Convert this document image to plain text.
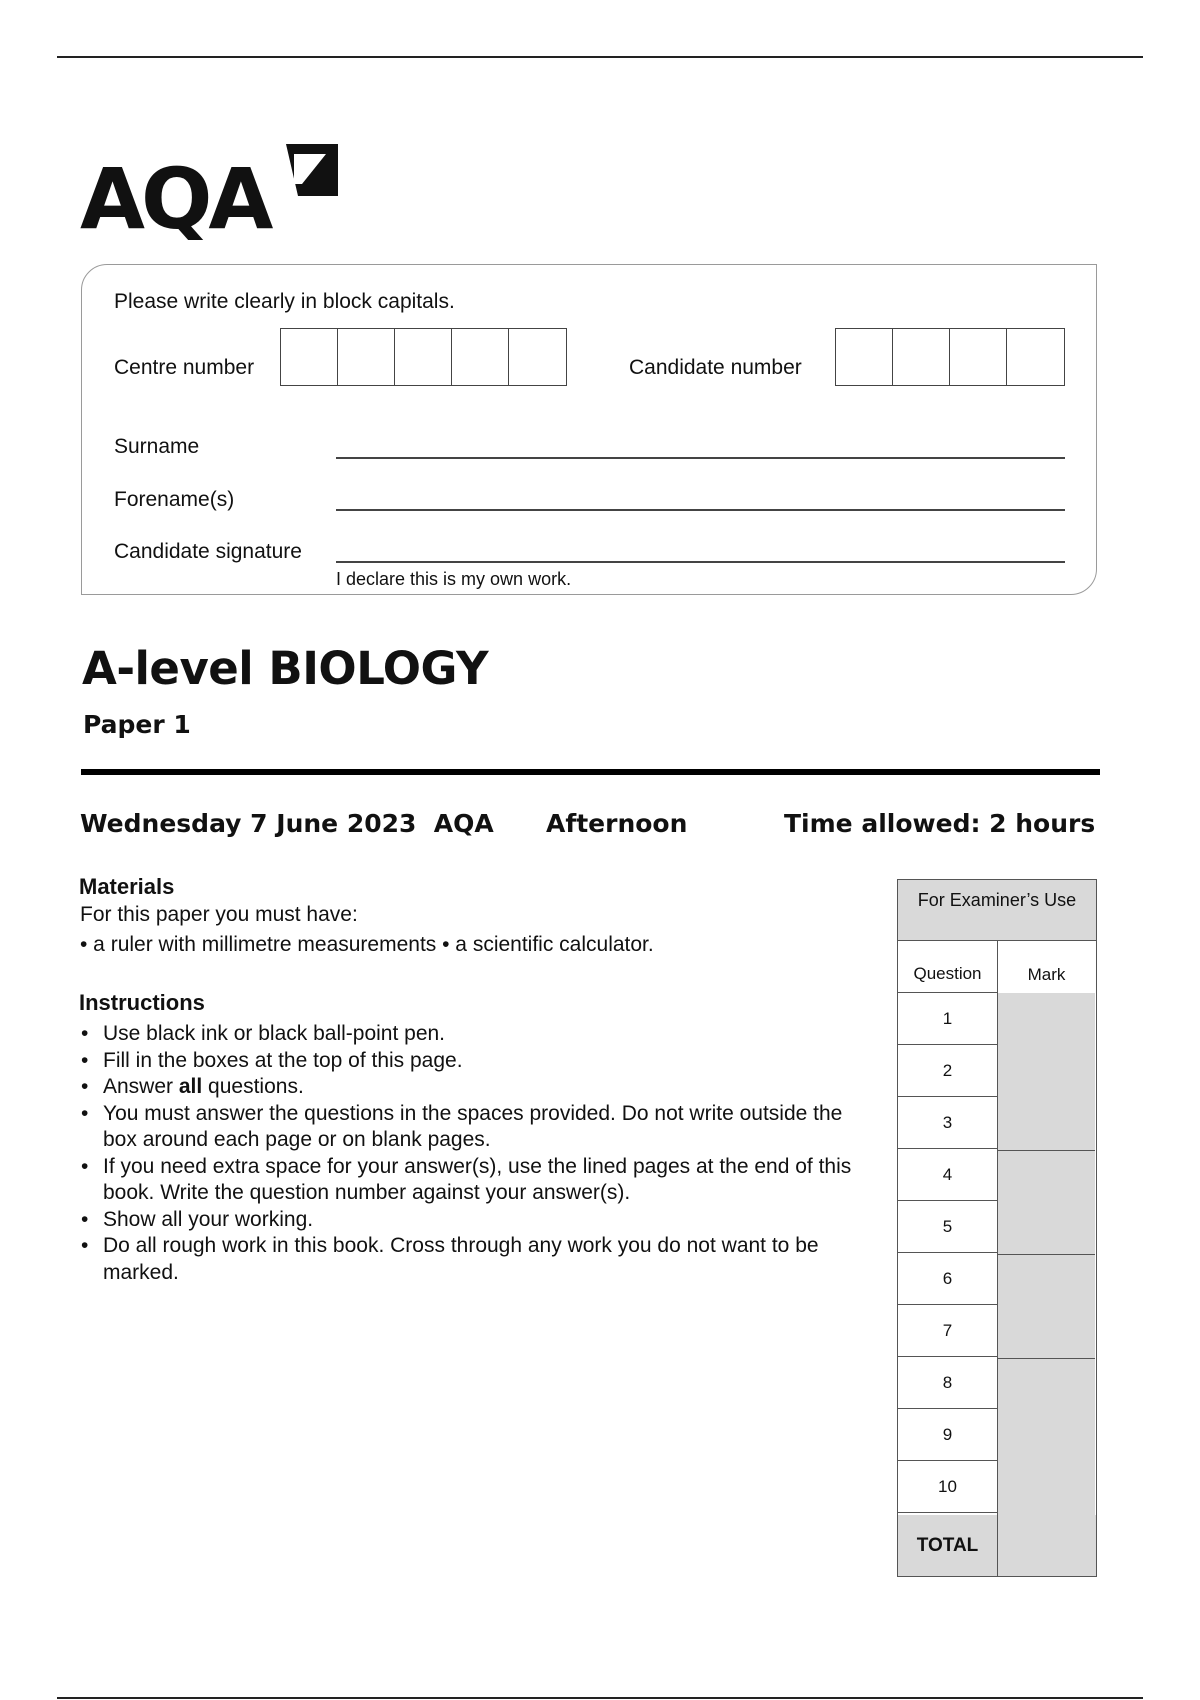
AQA
Please write clearly in block capitals.
Centre number	Candidate number
Surname
Forename(s)
Candidate signature
I declare this is my own work.
A-level BIOLOGY
Paper 1
Wednesday 7 June 2023  AQA Afternoon	Time allowed: 2 hours
Materials
For this paper you must have:
• a ruler with millimetre measurements • a scientific calculator.
Instructions
• Use black ink or black ball-point pen.
• Fill in the boxes at the top of this page.
• Answer all questions.
• You must answer the questions in the spaces provided. Do not write outside the box around each page or on blank pages.
• If you need extra space for your answer(s), use the lined pages at the end of this book. Write the question number against your answer(s).
• Show all your working.
• Do all rough work in this book. Cross through any work you do not want to be marked.
For Examiner’s Use
Question
1
2
3
4
5
6
7
8
9
10
Mark
TOTAL
